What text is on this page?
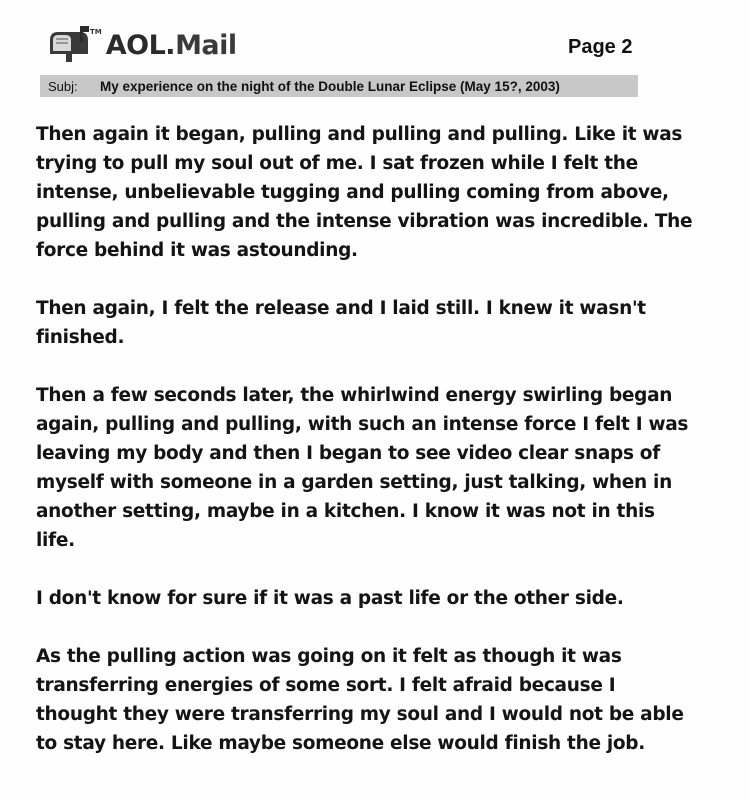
TM AOL.Mail	Page 2
Subj:	My experience on the night of the Double Lunar Eclipse (May 15?, 2003)

Then again it began, pulling and pulling and pulling. Like it was
trying to pull my soul out of me. I sat frozen while I felt the
intense, unbelievable tugging and pulling coming from above,
pulling and pulling and the intense vibration was incredible. The
force behind it was astounding.

Then again, I felt the release and I laid still. I knew it wasn't
finished.

Then a few seconds later, the whirlwind energy swirling began
again, pulling and pulling, with such an intense force I felt I was
leaving my body and then I began to see video clear snaps of
myself with someone in a garden setting, just talking, when in
another setting, maybe in a kitchen. I know it was not in this
life.

I don't know for sure if it was a past life or the other side.

As the pulling action was going on it felt as though it was
transferring energies of some sort. I felt afraid because I
thought they were transferring my soul and I would not be able
to stay here. Like maybe someone else would finish the job.
